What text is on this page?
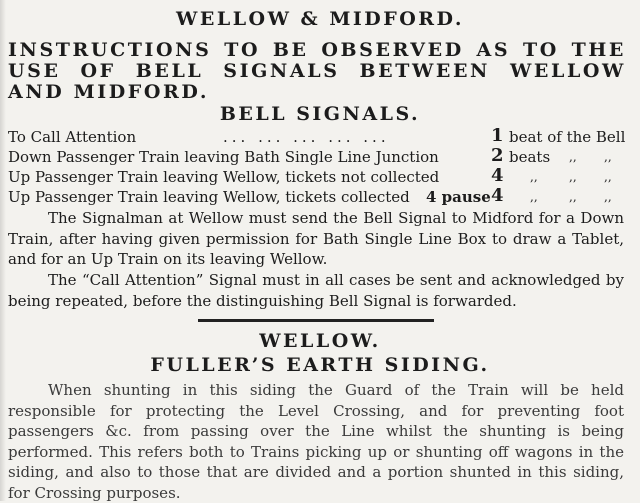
WELLOW & MIDFORD.
INSTRUCTIONS TO BE OBSERVED AS TO THE USE OF BELL SIGNALS BETWEEN WELLOW AND MIDFORD.
BELL SIGNALS.
To Call Attention	... ... ... ... ...	1 beat of the Bell
Down Passenger Train leaving Bath Single Line Junction	2 beats ,, ,,
Up Passenger Train leaving Wellow, tickets not collected	4 ,,	,, ,,
Up Passenger Train leaving Wellow, tickets collected 4 pause 4 ,,	,, ,,
The Signalman at Wellow must send the Bell Signal to Midford for a Down Train, after having given permission for Bath Single Line Box to draw a Tablet, and for an Up Train on its leaving Wellow.
The “Call Attention” Signal must in all cases be sent and acknowledged by being repeated, before the distinguishing Bell Signal is forwarded.
WELLOW.
FULLER’S EARTH SIDING.
When shunting in this siding the Guard of the Train will be held responsible for protecting the Level Crossing, and for preventing foot passengers &c. from passing over the Line whilst the shunting is being performed. This refers both to Trains picking up or shunting off wagons in the siding, and also to those that are divided and a portion shunted in this siding, for Crossing purposes.
